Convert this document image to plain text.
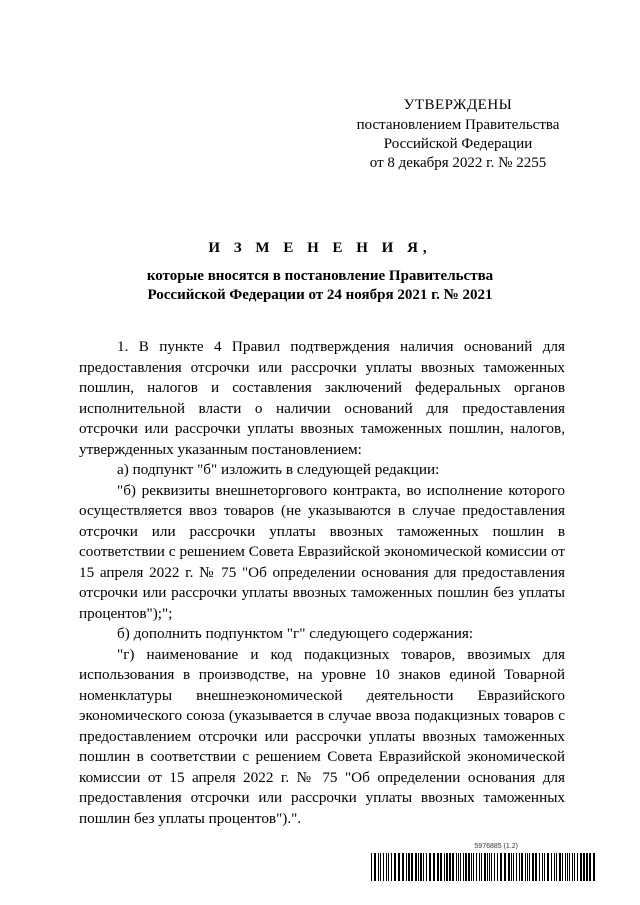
УТВЕРЖДЕНЫ
постановлением Правительства
Российской Федерации
от 8 декабря 2022 г. № 2255
И З М Е Н Е Н И Я,
которые вносятся в постановление Правительства
Российской Федерации от 24 ноября 2021 г. № 2021

1. В пункте 4 Правил подтверждения наличия оснований для предоставления отсрочки или рассрочки уплаты ввозных таможенных пошлин, налогов и составления заключений федеральных органов исполнительной власти о наличии оснований для предоставления отсрочки или рассрочки уплаты ввозных таможенных пошлин, налогов, утвержденных указанным постановлением:

а) подпункт "б" изложить в следующей редакции:

"б) реквизиты внешнеторгового контракта, во исполнение которого осуществляется ввоз товаров (не указываются в случае предоставления отсрочки или рассрочки уплаты ввозных таможенных пошлин в соответствии с решением Совета Евразийской экономической комиссии от 15 апреля 2022 г. № 75 "Об определении основания для предоставления отсрочки или рассрочки уплаты ввозных таможенных пошлин без уплаты процентов");";

б) дополнить подпунктом "г" следующего содержания:

"г) наименование и код подакцизных товаров, ввозимых для использования в производстве, на уровне 10 знаков единой Товарной номенклатуры внешнеэкономической деятельности Евразийского экономического союза (указывается в случае ввоза подакцизных товаров с предоставлением отсрочки или рассрочки уплаты ввозных таможенных пошлин в соответствии с решением Совета Евразийской экономической комиссии от 15 апреля 2022 г. № 75 "Об определении основания для предоставления отсрочки или рассрочки уплаты ввозных таможенных пошлин без уплаты процентов").".

5976885 (1.2)
